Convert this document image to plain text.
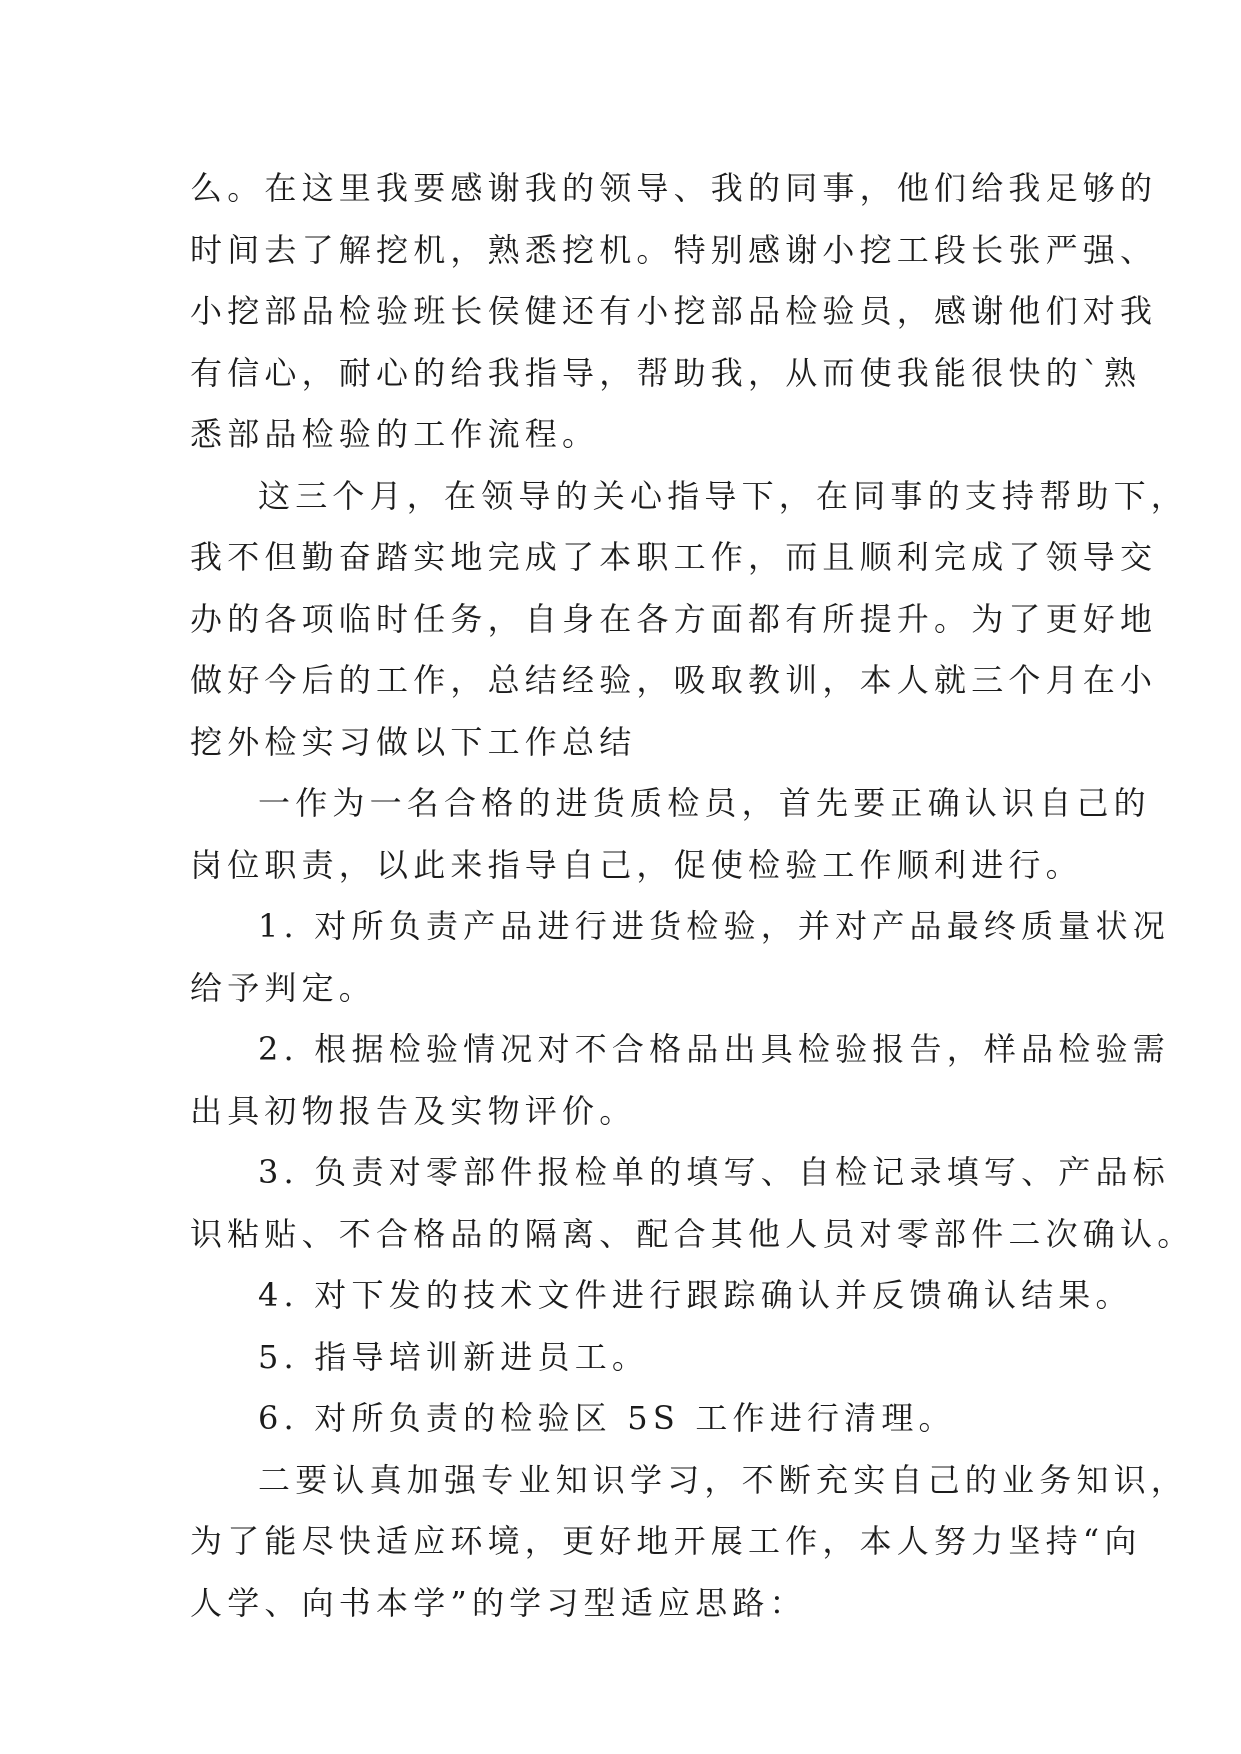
么。在这里我要感谢我的领导、我的同事，他们给我足够的
时间去了解挖机，熟悉挖机。特别感谢小挖工段长张严强、
小挖部品检验班长侯健还有小挖部品检验员，感谢他们对我
有信心，耐心的给我指导，帮助我，从而使我能很快的`熟
悉部品检验的工作流程。
这三个月，在领导的关心指导下，在同事的支持帮助下，
我不但勤奋踏实地完成了本职工作，而且顺利完成了领导交
办的各项临时任务，自身在各方面都有所提升。为了更好地
做好今后的工作，总结经验，吸取教训，本人就三个月在小
挖外检实习做以下工作总结
一作为一名合格的进货质检员，首先要正确认识自己的
岗位职责，以此来指导自己，促使检验工作顺利进行。
1. 对所负责产品进行进货检验，并对产品最终质量状况
给予判定。
2. 根据检验情况对不合格品出具检验报告，样品检验需
出具初物报告及实物评价。
3. 负责对零部件报检单的填写、自检记录填写、产品标
识粘贴、不合格品的隔离、配合其他人员对零部件二次确认。
4. 对下发的技术文件进行跟踪确认并反馈确认结果。
5. 指导培训新进员工。
6. 对所负责的检验区 5S 工作进行清理。
二要认真加强专业知识学习，不断充实自己的业务知识，
为了能尽快适应环境，更好地开展工作，本人努力坚持“向
人学、向书本学”的学习型适应思路：
